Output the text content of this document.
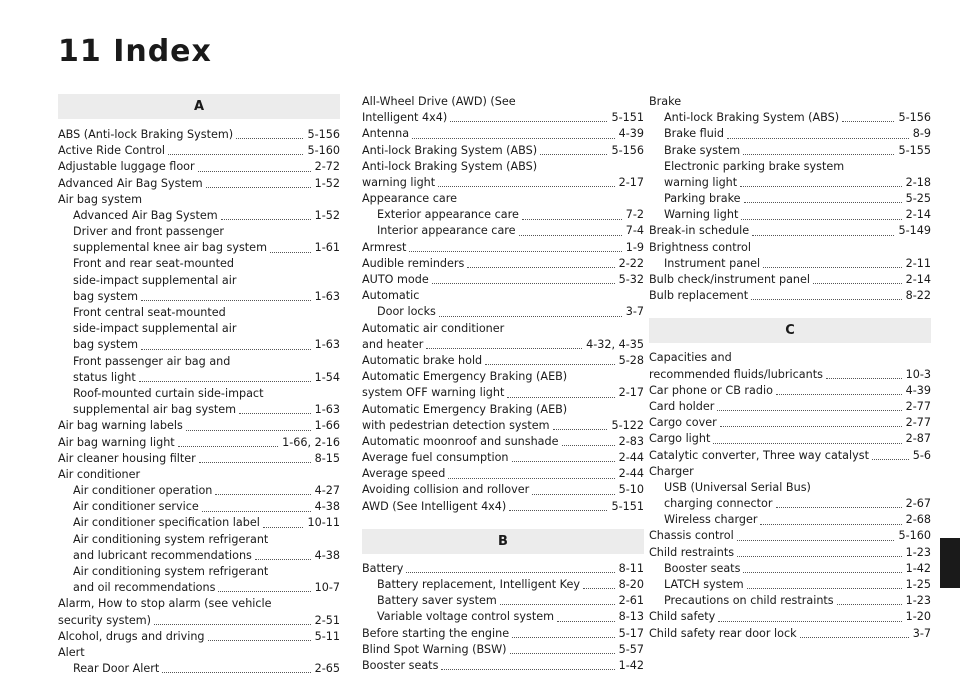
11 Index
A
ABS (Anti-lock Braking System)	5-156
Active Ride Control	5-160
Adjustable luggage floor	2-72
Advanced Air Bag System	1-52
Air bag system
Advanced Air Bag System	1-52
Driver and front passenger
supplemental knee air bag system	1-61
Front and rear seat-mounted
side-impact supplemental air
bag system	1-63
Front central seat-mounted
side-impact supplemental air
bag system	1-63
Front passenger air bag and
status light	1-54
Roof-mounted curtain side-impact
supplemental air bag system	1-63
Air bag warning labels	1-66
Air bag warning light	1-66, 2-16
Air cleaner housing filter	8-15
Air conditioner
Air conditioner operation	4-27
Air conditioner service	4-38
Air conditioner specification label	10-11
Air conditioning system refrigerant
and lubricant recommendations	4-38
Air conditioning system refrigerant
and oil recommendations	10-7
Alarm, How to stop alarm (see vehicle
security system)	2-51
Alcohol, drugs and driving	5-11
Alert
Rear Door Alert	2-65
All-Wheel Drive (AWD) (See
Intelligent 4x4)	5-151
Antenna	4-39
Anti-lock Braking System (ABS)	5-156
Anti-lock Braking System (ABS)
warning light	2-17
Appearance care
Exterior appearance care	7-2
Interior appearance care	7-4
Armrest	1-9
Audible reminders	2-22
AUTO mode	5-32
Automatic
Door locks	3-7
Automatic air conditioner
and heater	4-32, 4-35
Automatic brake hold	5-28
Automatic Emergency Braking (AEB)
system OFF warning light	2-17
Automatic Emergency Braking (AEB)
with pedestrian detection system	5-122
Automatic moonroof and sunshade	2-83
Average fuel consumption	2-44
Average speed	2-44
Avoiding collision and rollover	5-10
AWD (See Intelligent 4x4)	5-151
B
Battery	8-11
Battery replacement, Intelligent Key	8-20
Battery saver system	2-61
Variable voltage control system	8-13
Before starting the engine	5-17
Blind Spot Warning (BSW)	5-57
Booster seats	1-42
Brake
Anti-lock Braking System (ABS)	5-156
Brake fluid	8-9
Brake system	5-155
Electronic parking brake system
warning light	2-18
Parking brake	5-25
Warning light	2-14
Break-in schedule	5-149
Brightness control
Instrument panel	2-11
Bulb check/instrument panel	2-14
Bulb replacement	8-22
C
Capacities and
recommended fluids/lubricants	10-3
Car phone or CB radio	4-39
Card holder	2-77
Cargo cover	2-77
Cargo light	2-87
Catalytic converter, Three way catalyst	5-6
Charger
USB (Universal Serial Bus)
charging connector	2-67
Wireless charger	2-68
Chassis control	5-160
Child restraints	1-23
Booster seats	1-42
LATCH system	1-25
Precautions on child restraints	1-23
Child safety	1-20
Child safety rear door lock	3-7
